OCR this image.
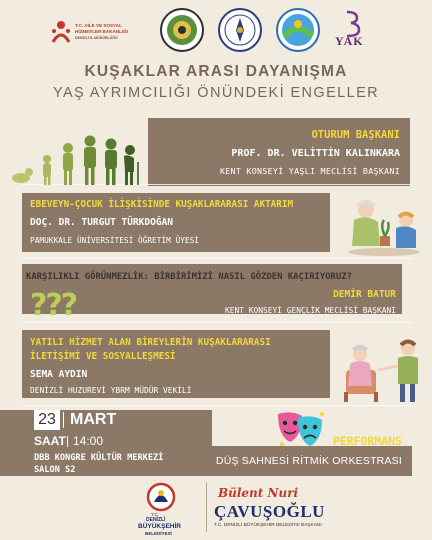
T.C. AİLE VE SOSYAL
HİZMETLER BAKANLIĞI
DENİZLİ İL MÜDÜRLÜĞÜ	YAK
KUŞAKLAR ARASI DAYANIŞMA
YAŞ AYRIMCILIĞI ÖNÜNDEKİ ENGELLER
OTURUM BAŞKANI
PROF. DR. VELİTTİN KALINKARA
KENT KONSEYİ YAŞLI MECLİSİ BAŞKANI
EBEVEYN-ÇOCUK İLİŞKİSİNDE KUŞAKLARARASI AKTARIM
DOÇ. DR. TURGUT TÜRKDOĞAN
PAMUKKALE ÜNİVERSİTESİ ÖĞRETİM ÜYESİ
KARŞILIKLI GÖRÜNMEZLİK: BİRBİRİMİZİ NASIL GÖZDEN KAÇIRIYORUZ?
DEMİR BATUR
KENT KONSEYİ GENÇLİK MECLİSİ BAŞKANI
???
YATILI HİZMET ALAN BİREYLERİN KUŞAKLARARASI
İLETİŞİMİ VE SOSYALLEŞMESİ
SEMA AYDIN
DENİZLİ HUZUREVİ YBRM MÜDÜR VEKİLİ
23 MART
SAAT 14:00
DBB KONGRE KÜLTÜR MERKEZİ
SALON S2
PERFORMANS
DÜŞ SAHNESİ RİTMİK ORKESTRASI
T.C.
DENİZLİ
BÜYÜKŞEHİR
BELEDİYESİ
Bülent Nuri
ÇAVUŞOĞLU
T.C. DENİZLİ BÜYÜKŞEHİR BELEDİYE BAŞKANI
